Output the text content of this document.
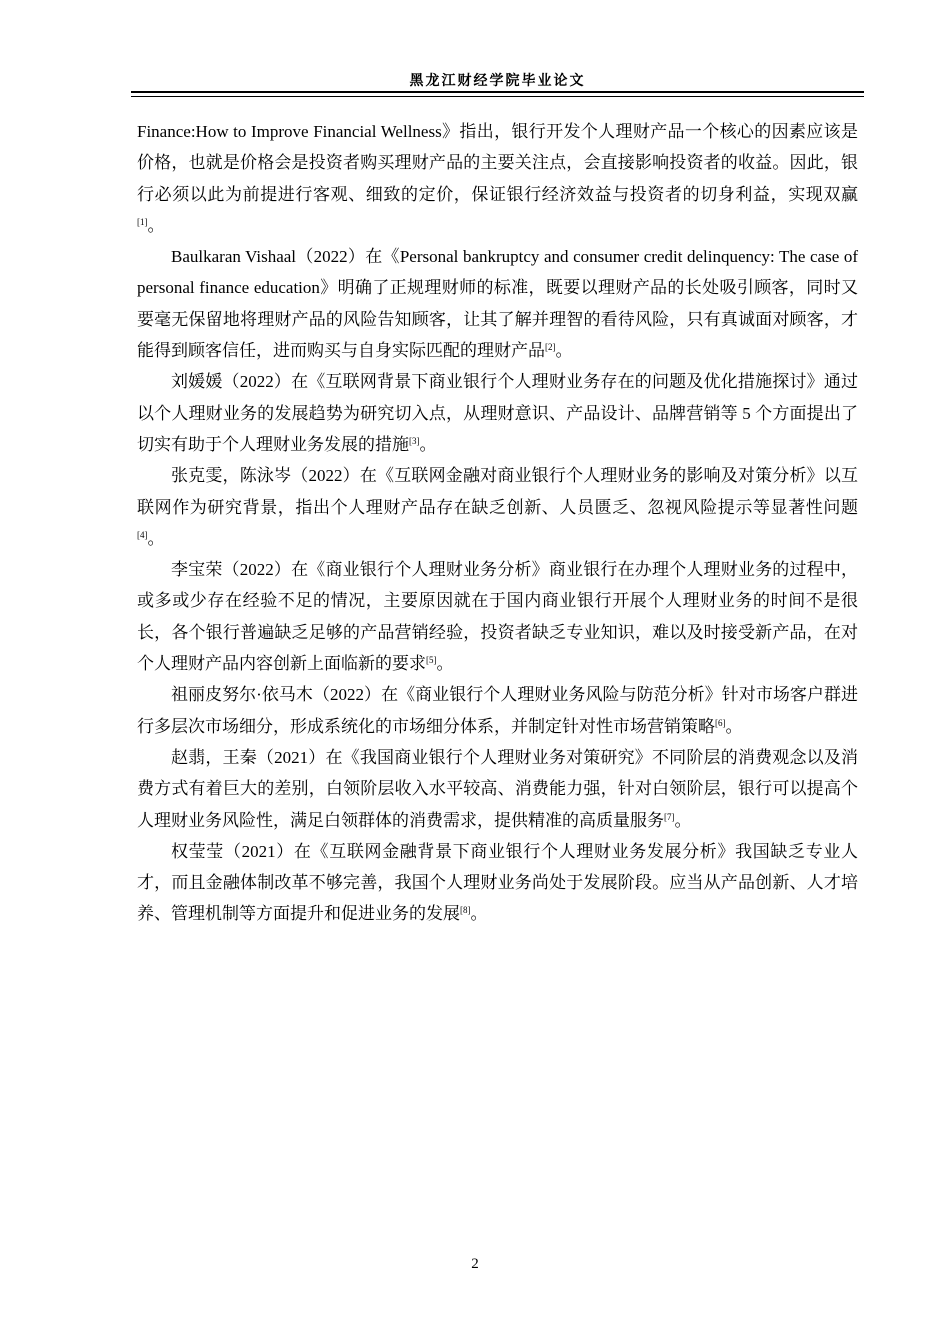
黑龙江财经学院毕业论文

Finance:How to Improve Financial Wellness》指出，银行开发个人理财产品一个核心的因素应该是价格，也就是价格会是投资者购买理财产品的主要关注点，会直接影响投资者的收益。因此，银行必须以此为前提进行客观、细致的定价，保证银行经济效益与投资者的切身利益，实现双赢[1]。

Baulkaran Vishaal（2022）在《Personal bankruptcy and consumer credit delinquency: The case of personal finance education》明确了正规理财师的标准，既要以理财产品的长处吸引顾客，同时又要毫无保留地将理财产品的风险告知顾客，让其了解并理智的看待风险，只有真诚面对顾客，才能得到顾客信任，进而购买与自身实际匹配的理财产品[2]。

刘媛媛（2022）在《互联网背景下商业银行个人理财业务存在的问题及优化措施探讨》通过以个人理财业务的发展趋势为研究切入点，从理财意识、产品设计、品牌营销等 5 个方面提出了切实有助于个人理财业务发展的措施[3]。

张克雯，陈泳岑（2022）在《互联网金融对商业银行个人理财业务的影响及对策分析》以互联网作为研究背景，指出个人理财产品存在缺乏创新、人员匮乏、忽视风险提示等显著性问题[4]。

李宝荣（2022）在《商业银行个人理财业务分析》商业银行在办理个人理财业务的过程中，或多或少存在经验不足的情况，主要原因就在于国内商业银行开展个人理财业务的时间不是很长，各个银行普遍缺乏足够的产品营销经验，投资者缺乏专业知识，难以及时接受新产品，在对个人理财产品内容创新上面临新的要求[5]。

祖丽皮努尔·依马木（2022）在《商业银行个人理财业务风险与防范分析》针对市场客户群进行多层次市场细分，形成系统化的市场细分体系，并制定针对性市场营销策略[6]。

赵翡，王秦（2021）在《我国商业银行个人理财业务对策研究》不同阶层的消费观念以及消费方式有着巨大的差别，白领阶层收入水平较高、消费能力强，针对白领阶层，银行可以提高个人理财业务风险性，满足白领群体的消费需求，提供精准的高质量服务[7]。

权莹莹（2021）在《互联网金融背景下商业银行个人理财业务发展分析》我国缺乏专业人才，而且金融体制改革不够完善，我国个人理财业务尚处于发展阶段。应当从产品创新、人才培养、管理机制等方面提升和促进业务的发展[8]。

2
